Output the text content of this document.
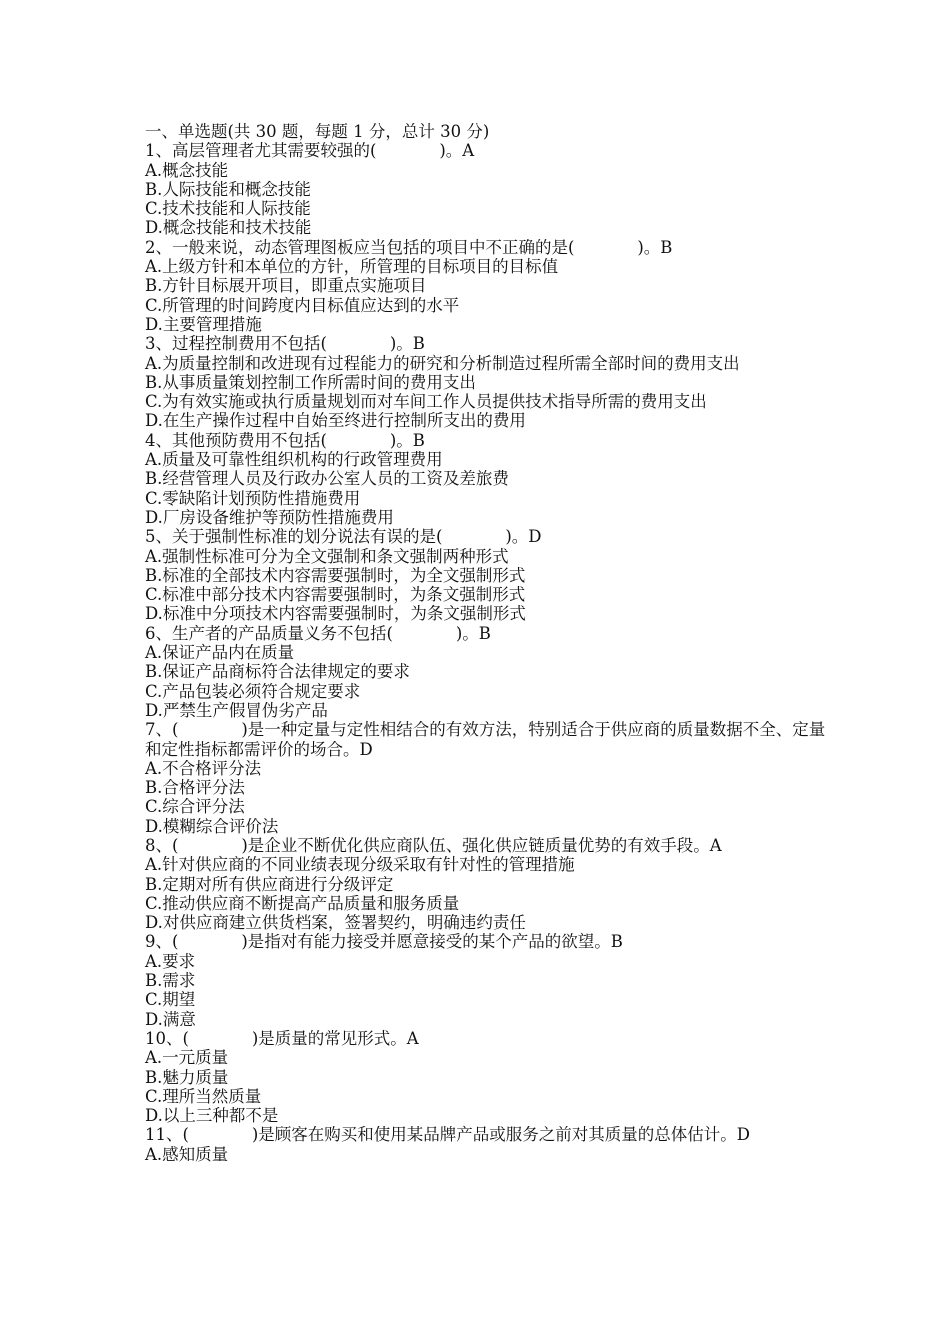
一、单选题(共 30 题，每题 1 分，总计 30 分)
1、高层管理者尤其需要较强的(            )。A
A.概念技能
B.人际技能和概念技能
C.技术技能和人际技能
D.概念技能和技术技能
2、一般来说，动态管理图板应当包括的项目中不正确的是(            )。B
A.上级方针和本单位的方针，所管理的目标项目的目标值
B.方针目标展开项目，即重点实施项目
C.所管理的时间跨度内目标值应达到的水平
D.主要管理措施
3、过程控制费用不包括(            )。B
A.为质量控制和改进现有过程能力的研究和分析制造过程所需全部时间的费用支出
B.从事质量策划控制工作所需时间的费用支出
C.为有效实施或执行质量规划而对车间工作人员提供技术指导所需的费用支出
D.在生产操作过程中自始至终进行控制所支出的费用
4、其他预防费用不包括(            )。B
A.质量及可靠性组织机构的行政管理费用
B.经营管理人员及行政办公室人员的工资及差旅费
C.零缺陷计划预防性措施费用
D.厂房设备维护等预防性措施费用
5、关于强制性标准的划分说法有误的是(            )。D
A.强制性标准可分为全文强制和条文强制两种形式
B.标准的全部技术内容需要强制时，为全文强制形式
C.标准中部分技术内容需要强制时，为条文强制形式
D.标准中分项技术内容需要强制时，为条文强制形式
6、生产者的产品质量义务不包括(            )。B
A.保证产品内在质量
B.保证产品商标符合法律规定的要求
C.产品包装必须符合规定要求
D.严禁生产假冒伪劣产品
7、(            )是一种定量与定性相结合的有效方法，特别适合于供应商的质量数据不全、定量和定性指标都需评价的场合。D
A.不合格评分法
B.合格评分法
C.综合评分法
D.模糊综合评价法
8、(            )是企业不断优化供应商队伍、强化供应链质量优势的有效手段。A
A.针对供应商的不同业绩表现分级采取有针对性的管理措施
B.定期对所有供应商进行分级评定
C.推动供应商不断提高产品质量和服务质量
D.对供应商建立供货档案，签署契约，明确违约责任
9、(            )是指对有能力接受并愿意接受的某个产品的欲望。B
A.要求
B.需求
C.期望
D.满意
10、(            )是质量的常见形式。A
A.一元质量
B.魅力质量
C.理所当然质量
D.以上三种都不是
11、(            )是顾客在购买和使用某品牌产品或服务之前对其质量的总体估计。D
A.感知质量
